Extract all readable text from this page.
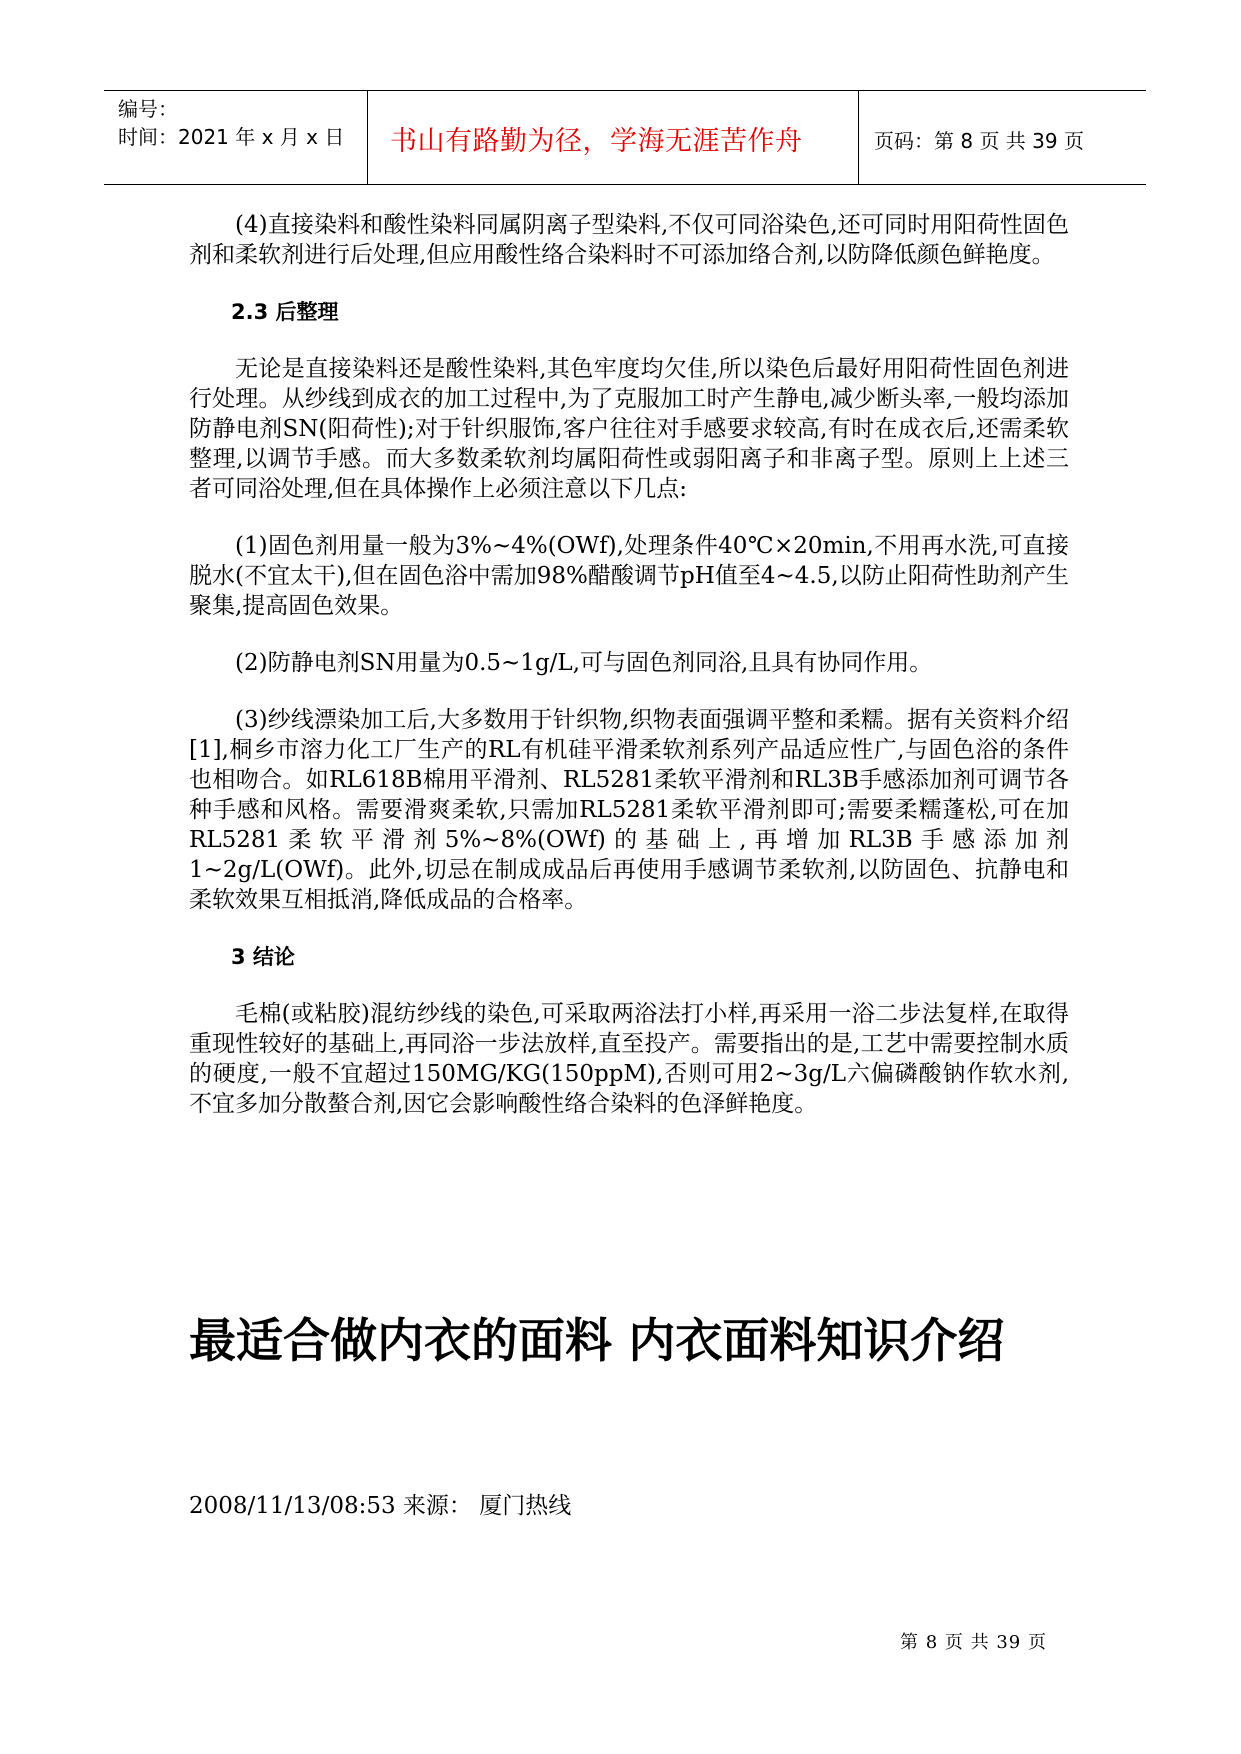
编号：
时间：2021 年 x 月 x 日 书山有路勤为径，学海无涯苦作舟	页码：第 8 页 共 39 页

(4)直接染料和酸性染料同属阴离子型染料,不仅可同浴染色,还可同时用阳荷性固色剂和柔软剂进行后处理,但应用酸性络合染料时不可添加络合剂,以防降低颜色鲜艳度。

2.3 后整理

无论是直接染料还是酸性染料,其色牢度均欠佳,所以染色后最好用阳荷性固色剂进行处理。从纱线到成衣的加工过程中,为了克服加工时产生静电,减少断头率,一般均添加防静电剂SN(阳荷性);对于针织服饰,客户往往对手感要求较高,有时在成衣后,还需柔软整理,以调节手感。而大多数柔软剂均属阳荷性或弱阳离子和非离子型。原则上上述三者可同浴处理,但在具体操作上必须注意以下几点:

(1)固色剂用量一般为3%~4%(OWf),处理条件40℃×20min,不用再水洗,可直接脱水(不宜太干),但在固色浴中需加98%醋酸调节pH值至4~4.5,以防止阳荷性助剂产生聚集,提高固色效果。

(2)防静电剂SN用量为0.5~1g/L,可与固色剂同浴,且具有协同作用。

(3)纱线漂染加工后,大多数用于针织物,织物表面强调平整和柔糯。据有关资料介绍[1],桐乡市溶力化工厂生产的RL有机硅平滑柔软剂系列产品适应性广,与固色浴的条件也相吻合。如RL618B棉用平滑剂、RL5281柔软平滑剂和RL3B手感添加剂可调节各种手感和风格。需要滑爽柔软,只需加RL5281柔软平滑剂即可;需要柔糯蓬松,可在加RL5281柔软平滑剂5%~8%(OWf)的基础上,再增加RL3B手感添加剂1~2g/L(OWf)。此外,切忌在制成成品后再使用手感调节柔软剂,以防固色、抗静电和柔软效果互相抵消,降低成品的合格率。

3 结论

毛棉(或粘胶)混纺纱线的染色,可采取两浴法打小样,再采用一浴二步法复样,在取得重现性较好的基础上,再同浴一步法放样,直至投产。需要指出的是,工艺中需要控制水质的硬度,一般不宜超过150MG/KG(150ppM),否则可用2~3g/L六偏磷酸钠作软水剂,不宜多加分散螯合剂,因它会影响酸性络合染料的色泽鲜艳度。

最适合做内衣的面料 内衣面料知识介绍
2008/11/13/08:53 来源： 厦门热线
第 8 页 共 39 页
